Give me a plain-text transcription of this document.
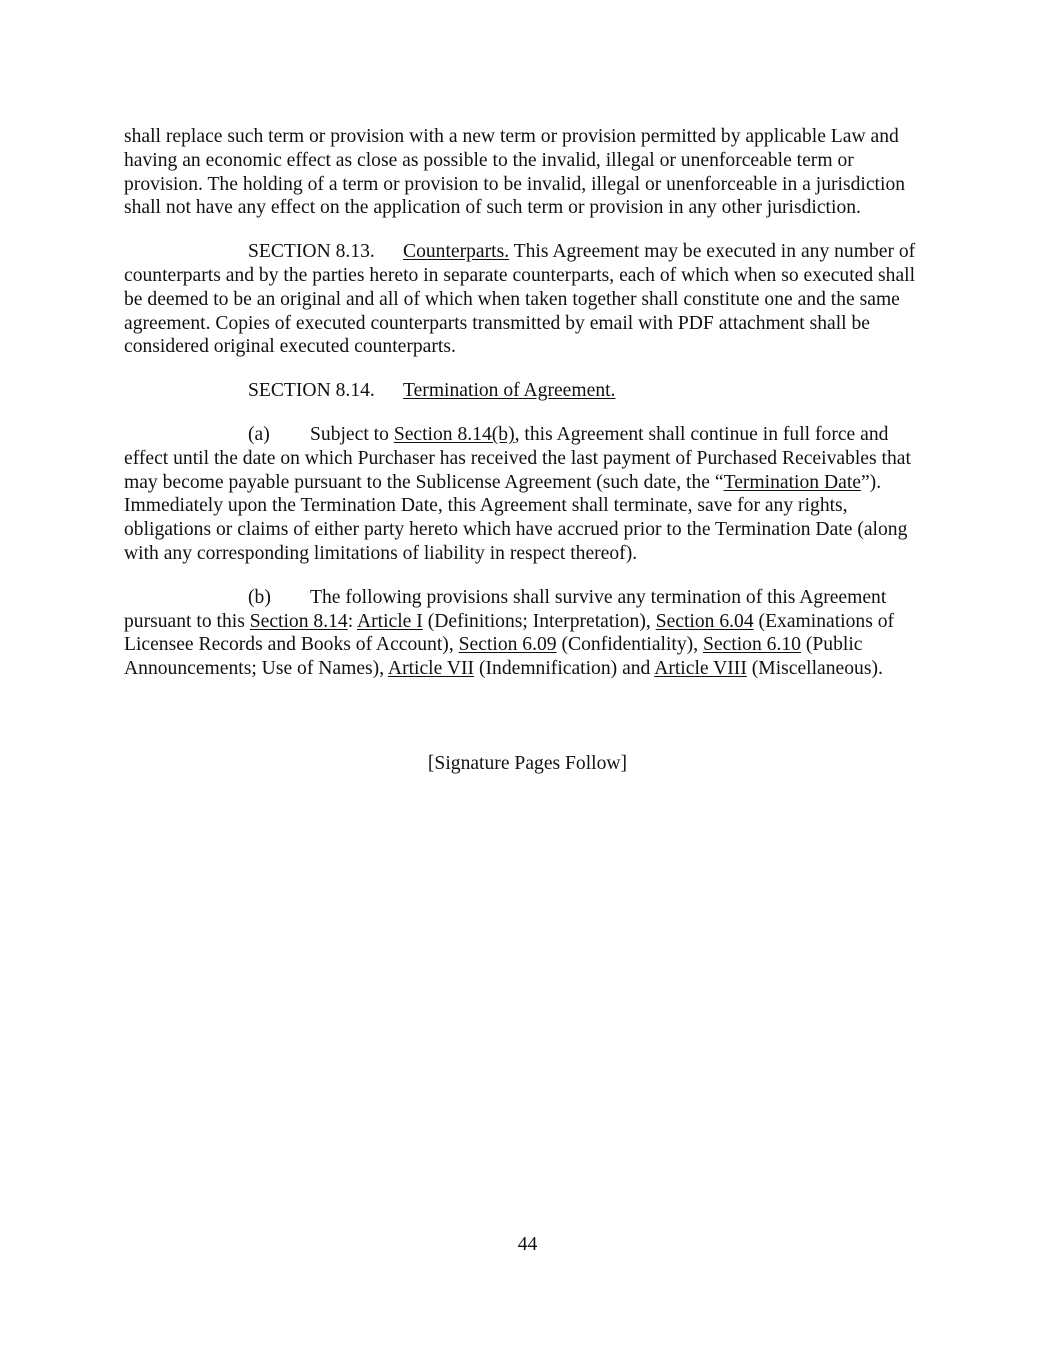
shall replace such term or provision with a new term or provision permitted by applicable Law and having an economic effect as close as possible to the invalid, illegal or unenforceable term or provision. The holding of a term or provision to be invalid, illegal or unenforceable in a jurisdiction shall not have any effect on the application of such term or provision in any other jurisdiction.

SECTION 8.13. Counterparts. This Agreement may be executed in any number of counterparts and by the parties hereto in separate counterparts, each of which when so executed shall be deemed to be an original and all of which when taken together shall constitute one and the same agreement. Copies of executed counterparts transmitted by email with PDF attachment shall be considered original executed counterparts.

SECTION 8.14. Termination of Agreement.

(a) Subject to Section 8.14(b), this Agreement shall continue in full force and effect until the date on which Purchaser has received the last payment of Purchased Receivables that may become payable pursuant to the Sublicense Agreement (such date, the “Termination Date”). Immediately upon the Termination Date, this Agreement shall terminate, save for any rights, obligations or claims of either party hereto which have accrued prior to the Termination Date (along with any corresponding limitations of liability in respect thereof).

(b) The following provisions shall survive any termination of this Agreement pursuant to this Section 8.14: Article I (Definitions; Interpretation), Section 6.04 (Examinations of Licensee Records and Books of Account), Section 6.09 (Confidentiality), Section 6.10 (Public Announcements; Use of Names), Article VII (Indemnification) and Article VIII (Miscellaneous).

[Signature Pages Follow]
44
